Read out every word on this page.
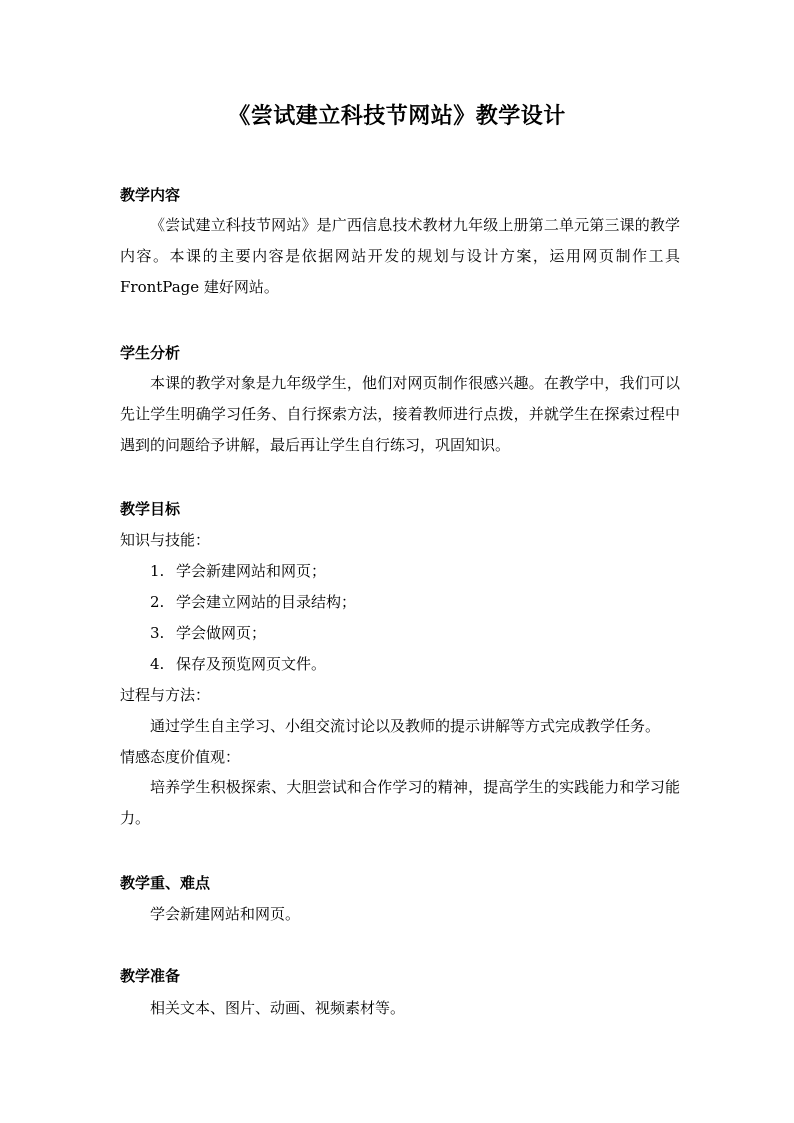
《尝试建立科技节网站》教学设计
教学内容
《尝试建立科技节网站》是广西信息技术教材九年级上册第二单元第三课的教学内容。本课的主要内容是依据网站开发的规划与设计方案，运用网页制作工具 FrontPage 建好网站。
学生分析
本课的教学对象是九年级学生，他们对网页制作很感兴趣。在教学中，我们可以先让学生明确学习任务、自行探索方法，接着教师进行点拨，并就学生在探索过程中遇到的问题给予讲解，最后再让学生自行练习，巩固知识。
教学目标
知识与技能：
1. 学会新建网站和网页；
2. 学会建立网站的目录结构；
3. 学会做网页；
4. 保存及预览网页文件。
过程与方法：
通过学生自主学习、小组交流讨论以及教师的提示讲解等方式完成教学任务。
情感态度价值观：
培养学生积极探索、大胆尝试和合作学习的精神，提高学生的实践能力和学习能力。
教学重、难点
学会新建网站和网页。
教学准备
相关文本、图片、动画、视频素材等。
